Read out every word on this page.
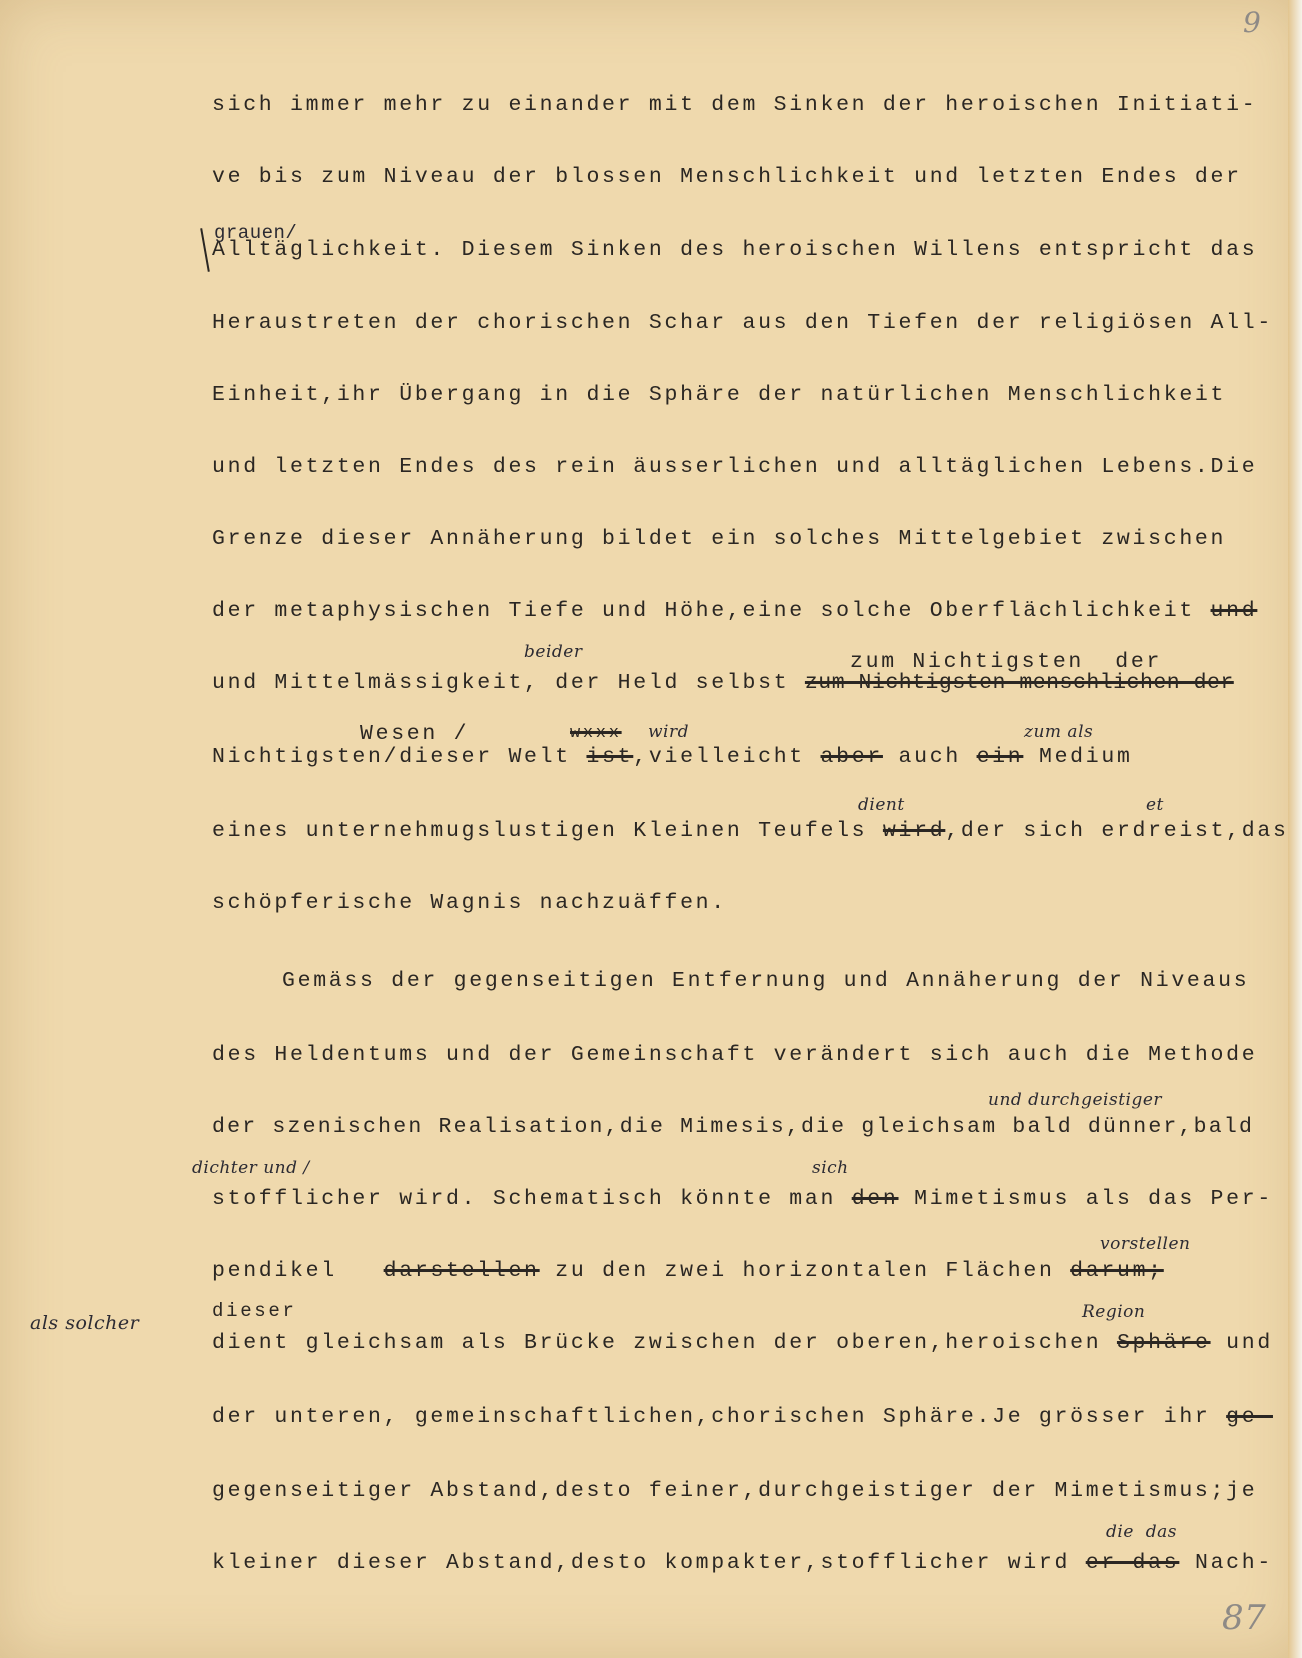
9
sich immer mehr zu einander mit dem Sinken der heroischen Initiati-
ve bis zum Niveau der blossen Menschlichkeit und letzten Endes der
grauen/
Alltäglichkeit. Diesem Sinken des heroischen Willens entspricht das
Heraustreten der chorischen Schar aus den Tiefen der religiösen All-
Einheit,ihr Übergang in die Sphäre der natürlichen Menschlichkeit
und letzten Endes des rein äusserlichen und alltäglichen Lebens.Die
Grenze dieser Annäherung bildet ein solches Mittelgebiet zwischen
der metaphysischen Tiefe und Höhe,eine solche Oberflächlichkeit und
beider	zum Nichtigsten  der
und Mittelmässigkeit, der Held selbst zum Nichtigsten menschlichen der
Wesen /	wxxx wird	zum als
Nichtigsten/dieser Welt ist,vielleicht aber auch ein Medium
dient	et
eines unternehmugslustigen Kleinen Teufels wird,der sich erdreist,das
schöpferische Wagnis nachzuäffen.
Gemäss der gegenseitigen Entfernung und Annäherung der Niveaus
des Heldentums und der Gemeinschaft verändert sich auch die Methode
und durchgeistiger
der szenischen Realisation,die Mimesis,die gleichsam bald dünner,bald
dichter und /	sich
stofflicher wird. Schematisch könnte man den Mimetismus als das Per-
vorstellen
pendikel darstellen zu den zwei horizontalen Flächen darum;
als solcher
dieser	Region
dient gleichsam als Brücke zwischen der oberen,heroischen Sphäre und
der unteren, gemeinschaftlichen,chorischen Sphäre.Je grösser ihr ge-
gegenseitiger Abstand,desto feiner,durchgeistiger der Mimetismus;je
die  das
kleiner dieser Abstand,desto kompakter,stofflicher wird er das Nach-
87
